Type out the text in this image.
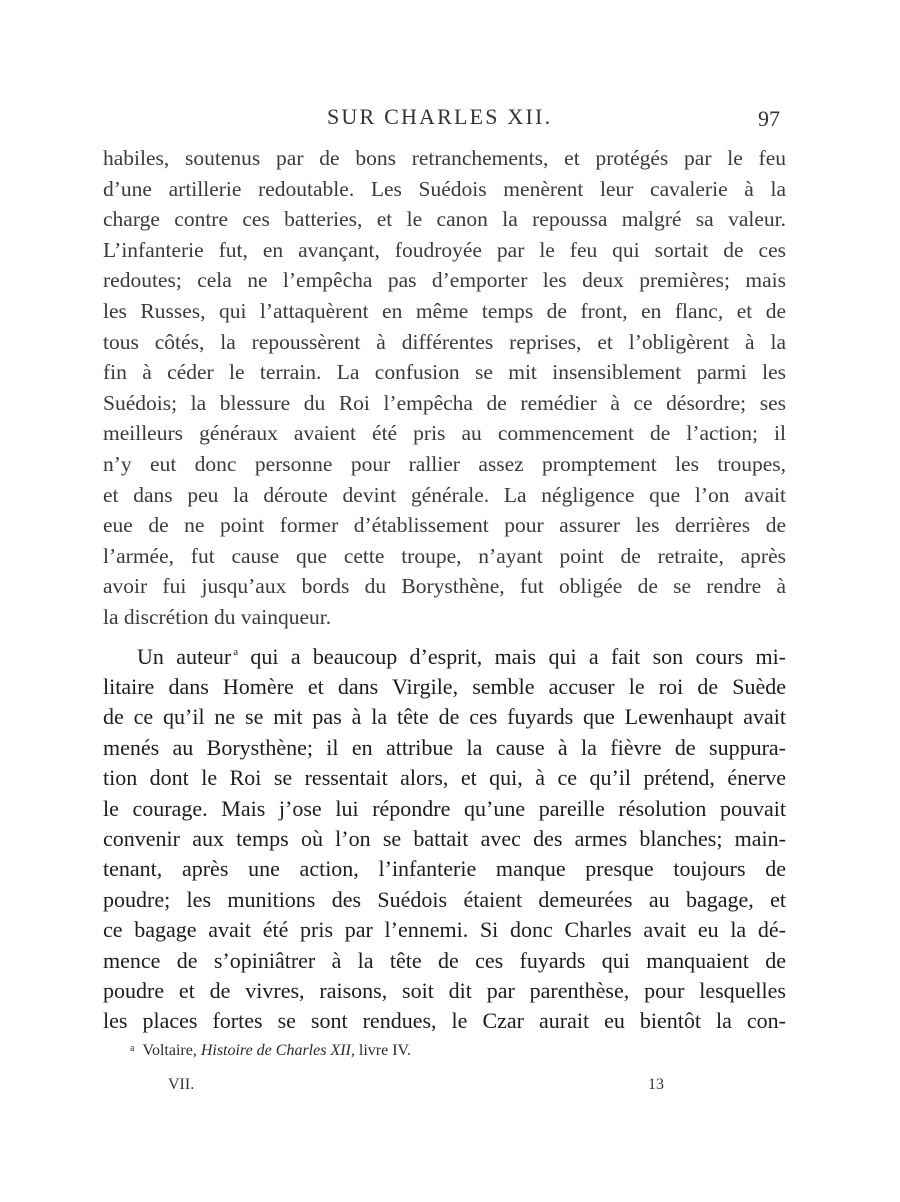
SUR CHARLES XII.	97

habiles, soutenus par de bons retranchements, et protégés par le feu
d’une artillerie redoutable. Les Suédois menèrent leur cavalerie à la
charge contre ces batteries, et le canon la repoussa malgré sa valeur.
L’infanterie fut, en avançant, foudroyée par le feu qui sortait de ces
redoutes; cela ne l’empêcha pas d’emporter les deux premières; mais
les Russes, qui l’attaquèrent en même temps de front, en flanc, et de
tous côtés, la repoussèrent à différentes reprises, et l’obligèrent à la
fin à céder le terrain. La confusion se mit insensiblement parmi les
Suédois; la blessure du Roi l’empêcha de remédier à ce désordre; ses
meilleurs généraux avaient été pris au commencement de l’action; il
n’y eut donc personne pour rallier assez promptement les troupes,
et dans peu la déroute devint générale. La négligence que l’on avait
eue de ne point former d’établissement pour assurer les derrières de
l’armée, fut cause que cette troupe, n’ayant point de retraite, après
avoir fui jusqu’aux bords du Borysthène, fut obligée de se rendre à
la discrétion du vainqueur.

Un auteur $^a$ qui a beaucoup d’esprit, mais qui a fait son cours mi-
litaire dans Homère et dans Virgile, semble accuser le roi de Suède
de ce qu’il ne se mit pas à la tête de ces fuyards que Lewenhaupt avait
menés au Borysthène; il en attribue la cause à la fièvre de suppura-
tion dont le Roi se ressentait alors, et qui, à ce qu’il prétend, énerve
le courage. Mais j’ose lui répondre qu’une pareille résolution pouvait
convenir aux temps où l’on se battait avec des armes blanches; main-
tenant, après une action, l’infanterie manque presque toujours de
poudre; les munitions des Suédois étaient demeurées au bagage, et
ce bagage avait été pris par l’ennemi. Si donc Charles avait eu la dé-
mence de s’opiniâtrer à la tête de ces fuyards qui manquaient de
poudre et de vivres, raisons, soit dit par parenthèse, pour lesquelles
les places fortes se sont rendues, le Czar aurait eu bientôt la con-

$^a$ Voltaire, Histoire de Charles XII, livre IV.
VII.	13
